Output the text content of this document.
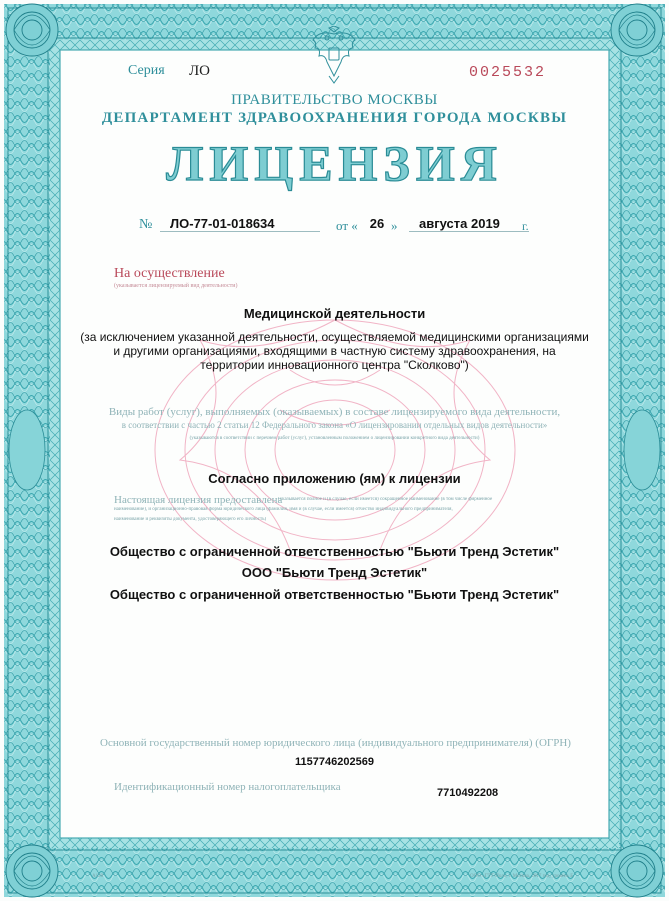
Серия ЛО	0025532
ПРАВИТЕЛЬСТВО МОСКВЫ
ДЕПАРТАМЕНТ ЗДРАВООХРАНЕНИЯ ГОРОДА МОСКВЫ
ЛИЦЕНЗИЯ
№	ЛО-77-01-018634	от « 26 »	августа 2019	г.
На осуществление
(указывается лицензируемый вид деятельности)
Медицинской деятельности
(за исключением указанной деятельности, осуществляемой медицинскими организациями
и другими организациями, входящими в частную систему здравоохранения, на
территории инновационного центра "Сколково")
Виды работ (услуг), выполняемых (оказываемых) в составе лицензируемого вида деятельности,
в соответствии с частью 2 статьи 12 Федерального закона «О лицензировании отдельных видов деятельности»
(указываются в соответствии с перечнем работ (услуг), установленным положением о лицензировании конкретного вида деятельности)
Согласно приложению (ям) к лицензии
Настоящая лицензия предоставлена
(указывается полное и (в случае, если имеется) сокращенное наименование (в том числе фирменное
наименование), и организационно-правовая форма юридического лица (фамилия, имя и (в случае, если имеется) отчество индивидуального предпринимателя,
наименование и реквизиты документа, удостоверяющего его личность)
Общество с ограниченной ответственностью "Бьюти Тренд Эстетик"
ООО "Бьюти Тренд Эстетик"
Общество с ограниченной ответственностью "Бьюти Тренд Эстетик"
Основной государственный номер юридического лица (индивидуального предпринимателя) (ОГРН)
1157746202569
Идентификационный номер налогоплательщика	7710492208
А128	ООО «ГТТ-Пол», г. Москва, 2017 год, уровень Б
